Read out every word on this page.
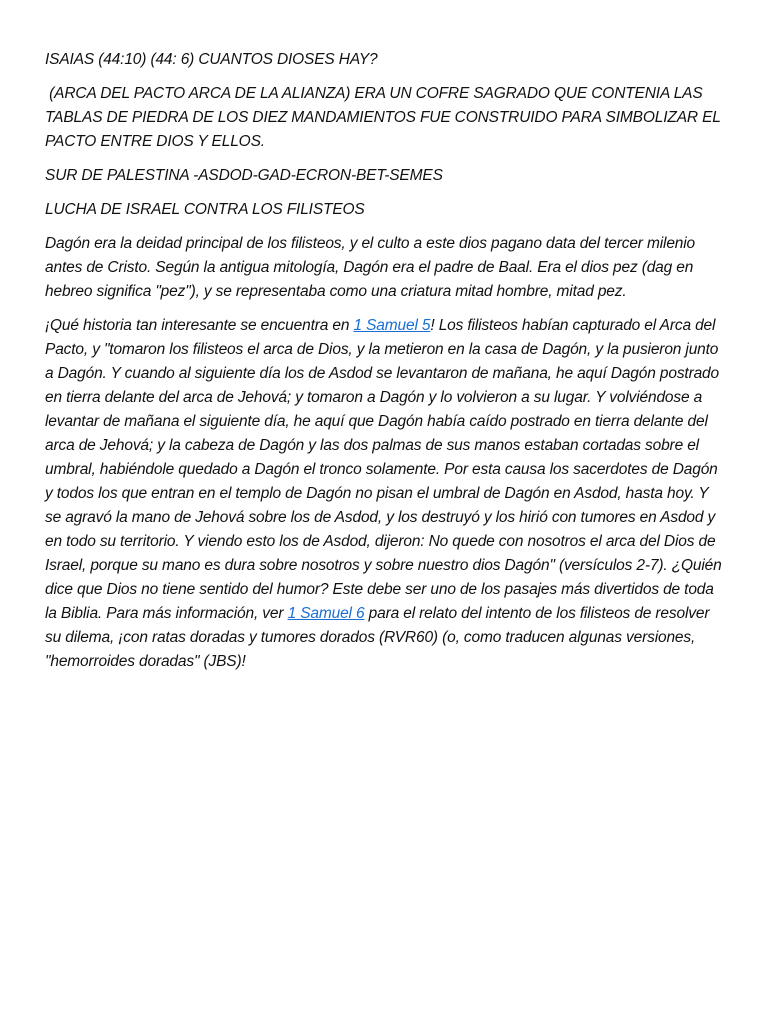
ISAIAS (44:10) (44: 6) CUANTOS DIOSES HAY?

(ARCA DEL PACTO ARCA DE LA ALIANZA) ERA UN COFRE SAGRADO QUE CONTENIA LAS TABLAS DE PIEDRA DE LOS DIEZ MANDAMIENTOS FUE CONSTRUIDO PARA SIMBOLIZAR EL PACTO ENTRE DIOS Y ELLOS.

SUR DE PALESTINA -ASDOD-GAD-ECRON-BET-SEMES

LUCHA DE ISRAEL CONTRA LOS FILISTEOS

Dagón era la deidad principal de los filisteos, y el culto a este dios pagano data del tercer milenio antes de Cristo. Según la antigua mitología, Dagón era el padre de Baal. Era el dios pez (dag en hebreo significa "pez"), y se representaba como una criatura mitad hombre, mitad pez.

¡Qué historia tan interesante se encuentra en 1 Samuel 5! Los filisteos habían capturado el Arca del Pacto, y "tomaron los filisteos el arca de Dios, y la metieron en la casa de Dagón, y la pusieron junto a Dagón. Y cuando al siguiente día los de Asdod se levantaron de mañana, he aquí Dagón postrado en tierra delante del arca de Jehová; y tomaron a Dagón y lo volvieron a su lugar. Y volviéndose a levantar de mañana el siguiente día, he aquí que Dagón había caído postrado en tierra delante del arca de Jehová; y la cabeza de Dagón y las dos palmas de sus manos estaban cortadas sobre el umbral, habiéndole quedado a Dagón el tronco solamente. Por esta causa los sacerdotes de Dagón y todos los que entran en el templo de Dagón no pisan el umbral de Dagón en Asdod, hasta hoy. Y se agravó la mano de Jehová sobre los de Asdod, y los destruyó y los hirió con tumores en Asdod y en todo su territorio. Y viendo esto los de Asdod, dijeron: No quede con nosotros el arca del Dios de Israel, porque su mano es dura sobre nosotros y sobre nuestro dios Dagón" (versículos 2-7). ¿Quién dice que Dios no tiene sentido del humor? Este debe ser uno de los pasajes más divertidos de toda la Biblia. Para más información, ver 1 Samuel 6 para el relato del intento de los filisteos de resolver su dilema, ¡con ratas doradas y tumores dorados (RVR60) (o, como traducen algunas versiones, "hemorroides doradas" (JBS)!
